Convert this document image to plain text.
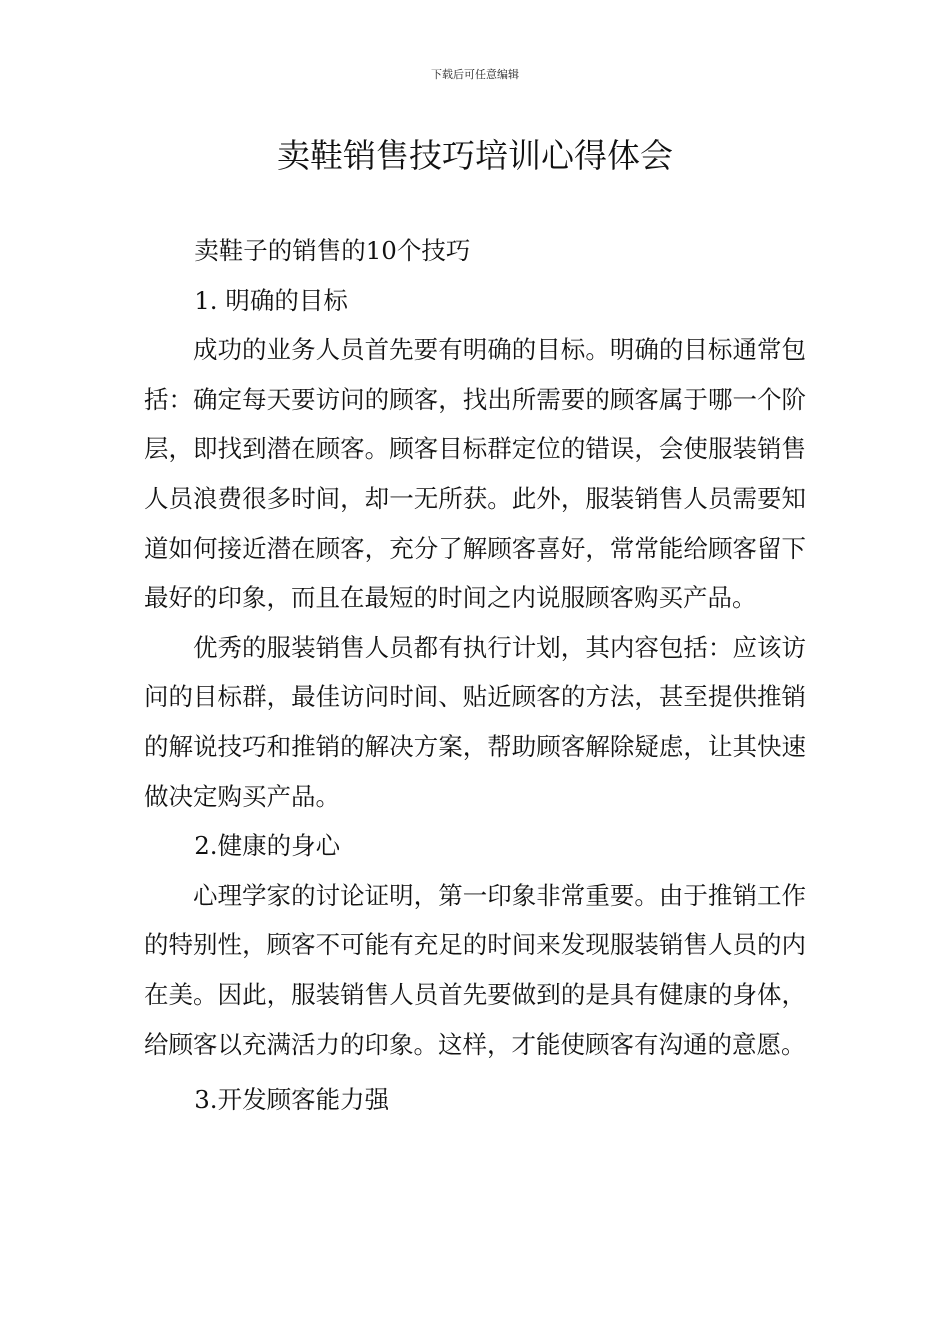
下载后可任意编辑
卖鞋销售技巧培训心得体会

卖鞋子的销售的10个技巧

1. 明确的目标

成功的业务人员首先要有明确的目标。明确的目标通常包括：确定每天要访问的顾客，找出所需要的顾客属于哪一个阶层，即找到潜在顾客。顾客目标群定位的错误，会使服装销售人员浪费很多时间，却一无所获。此外，服装销售人员需要知道如何接近潜在顾客，充分了解顾客喜好，常常能给顾客留下最好的印象，而且在最短的时间之内说服顾客购买产品。

优秀的服装销售人员都有执行计划，其内容包括：应该访问的目标群，最佳访问时间、贴近顾客的方法，甚至提供推销的解说技巧和推销的解决方案，帮助顾客解除疑虑，让其快速做决定购买产品。

2.健康的身心

心理学家的讨论证明，第一印象非常重要。由于推销工作的特别性，顾客不可能有充足的时间来发现服装销售人员的内在美。因此，服装销售人员首先要做到的是具有健康的身体，给顾客以充满活力的印象。这样，才能使顾客有沟通的意愿。

3.开发顾客能力强
